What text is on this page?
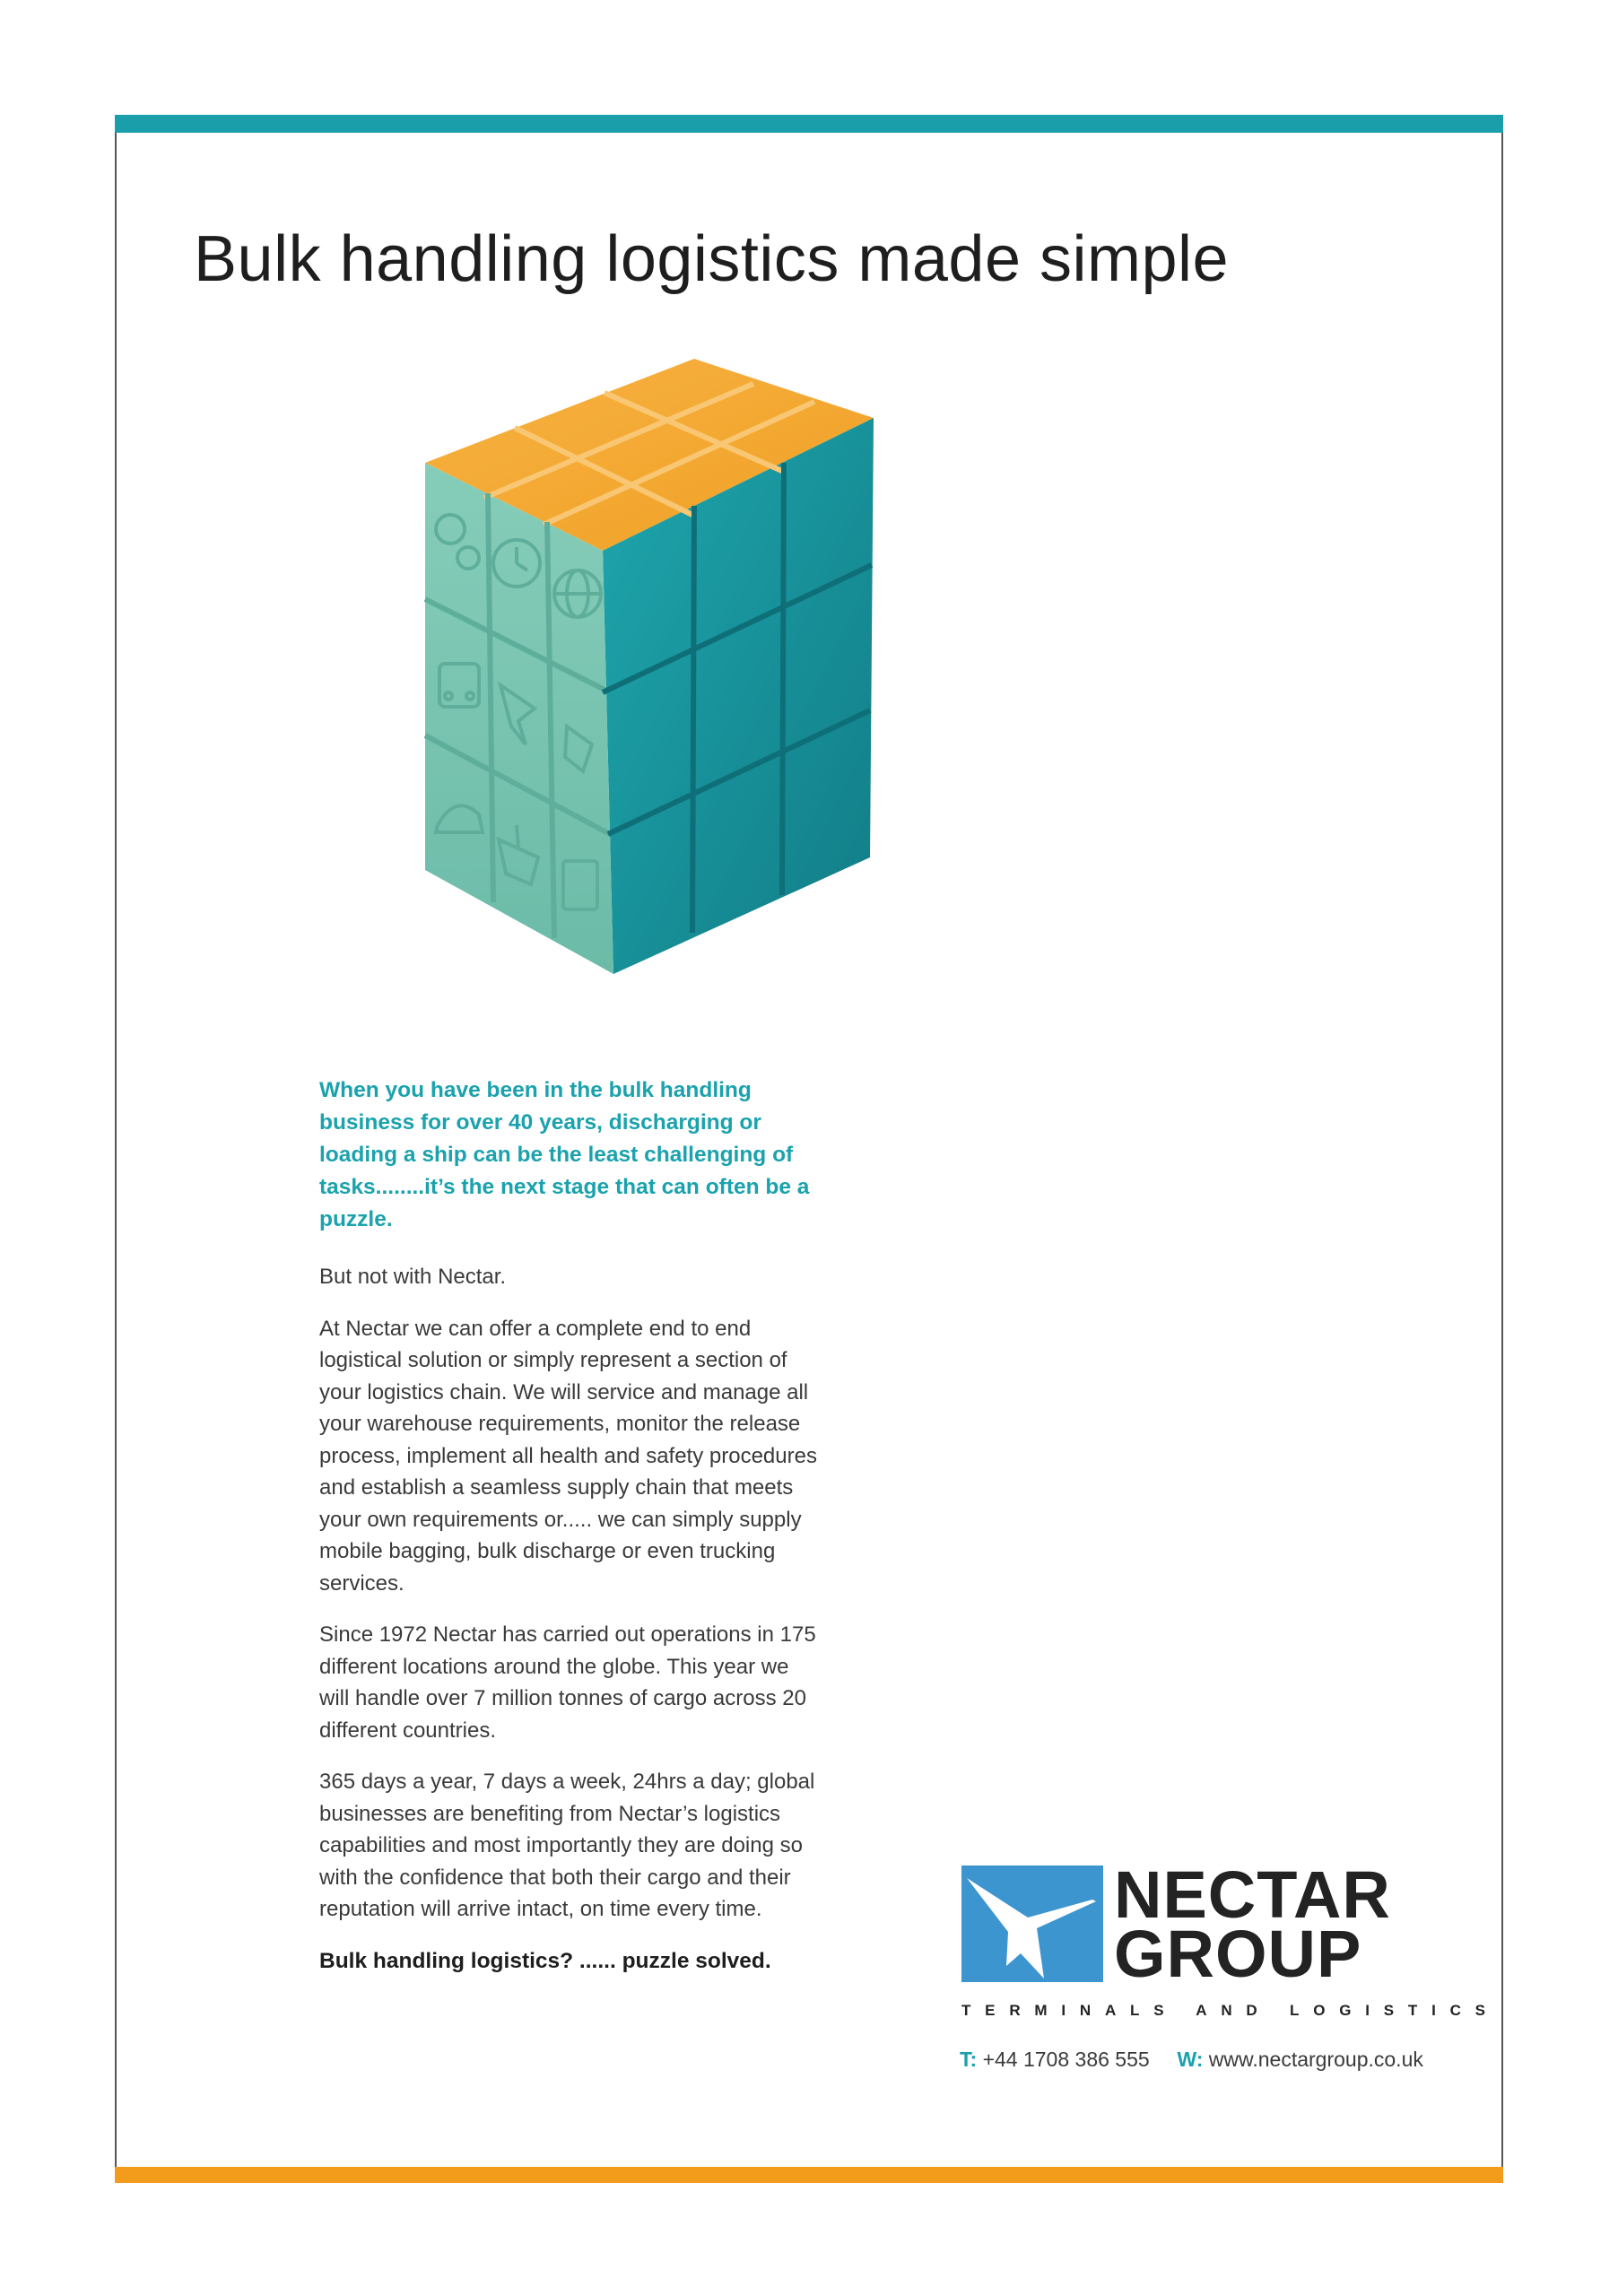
Bulk handling logistics made simple

When you have been in the bulk handling business for over 40 years, discharging or loading a ship can be the least challenging of tasks........it’s the next stage that can often be a puzzle.

But not with Nectar.

At Nectar we can offer a complete end to end logistical solution or simply represent a section of your logistics chain. We will service and manage all your warehouse requirements, monitor the release process, implement all health and safety procedures and establish a seamless supply chain that meets your own requirements or..... we can simply supply mobile bagging, bulk discharge or even trucking services.

Since 1972 Nectar has carried out operations in 175 different locations around the globe. This year we will handle over 7 million tonnes of cargo across 20 different countries.

365 days a year, 7 days a week, 24hrs a day; global businesses are benefiting from Nectar’s logistics capabilities and most importantly they are doing so with the confidence that both their cargo and their reputation will arrive intact, on time every time.

Bulk handling logistics? ...... puzzle solved.

NECTAR
GROUP
TERMINALS AND LOGISTICS
T: +44 1708 386 555 W: www.nectargroup.co.uk
